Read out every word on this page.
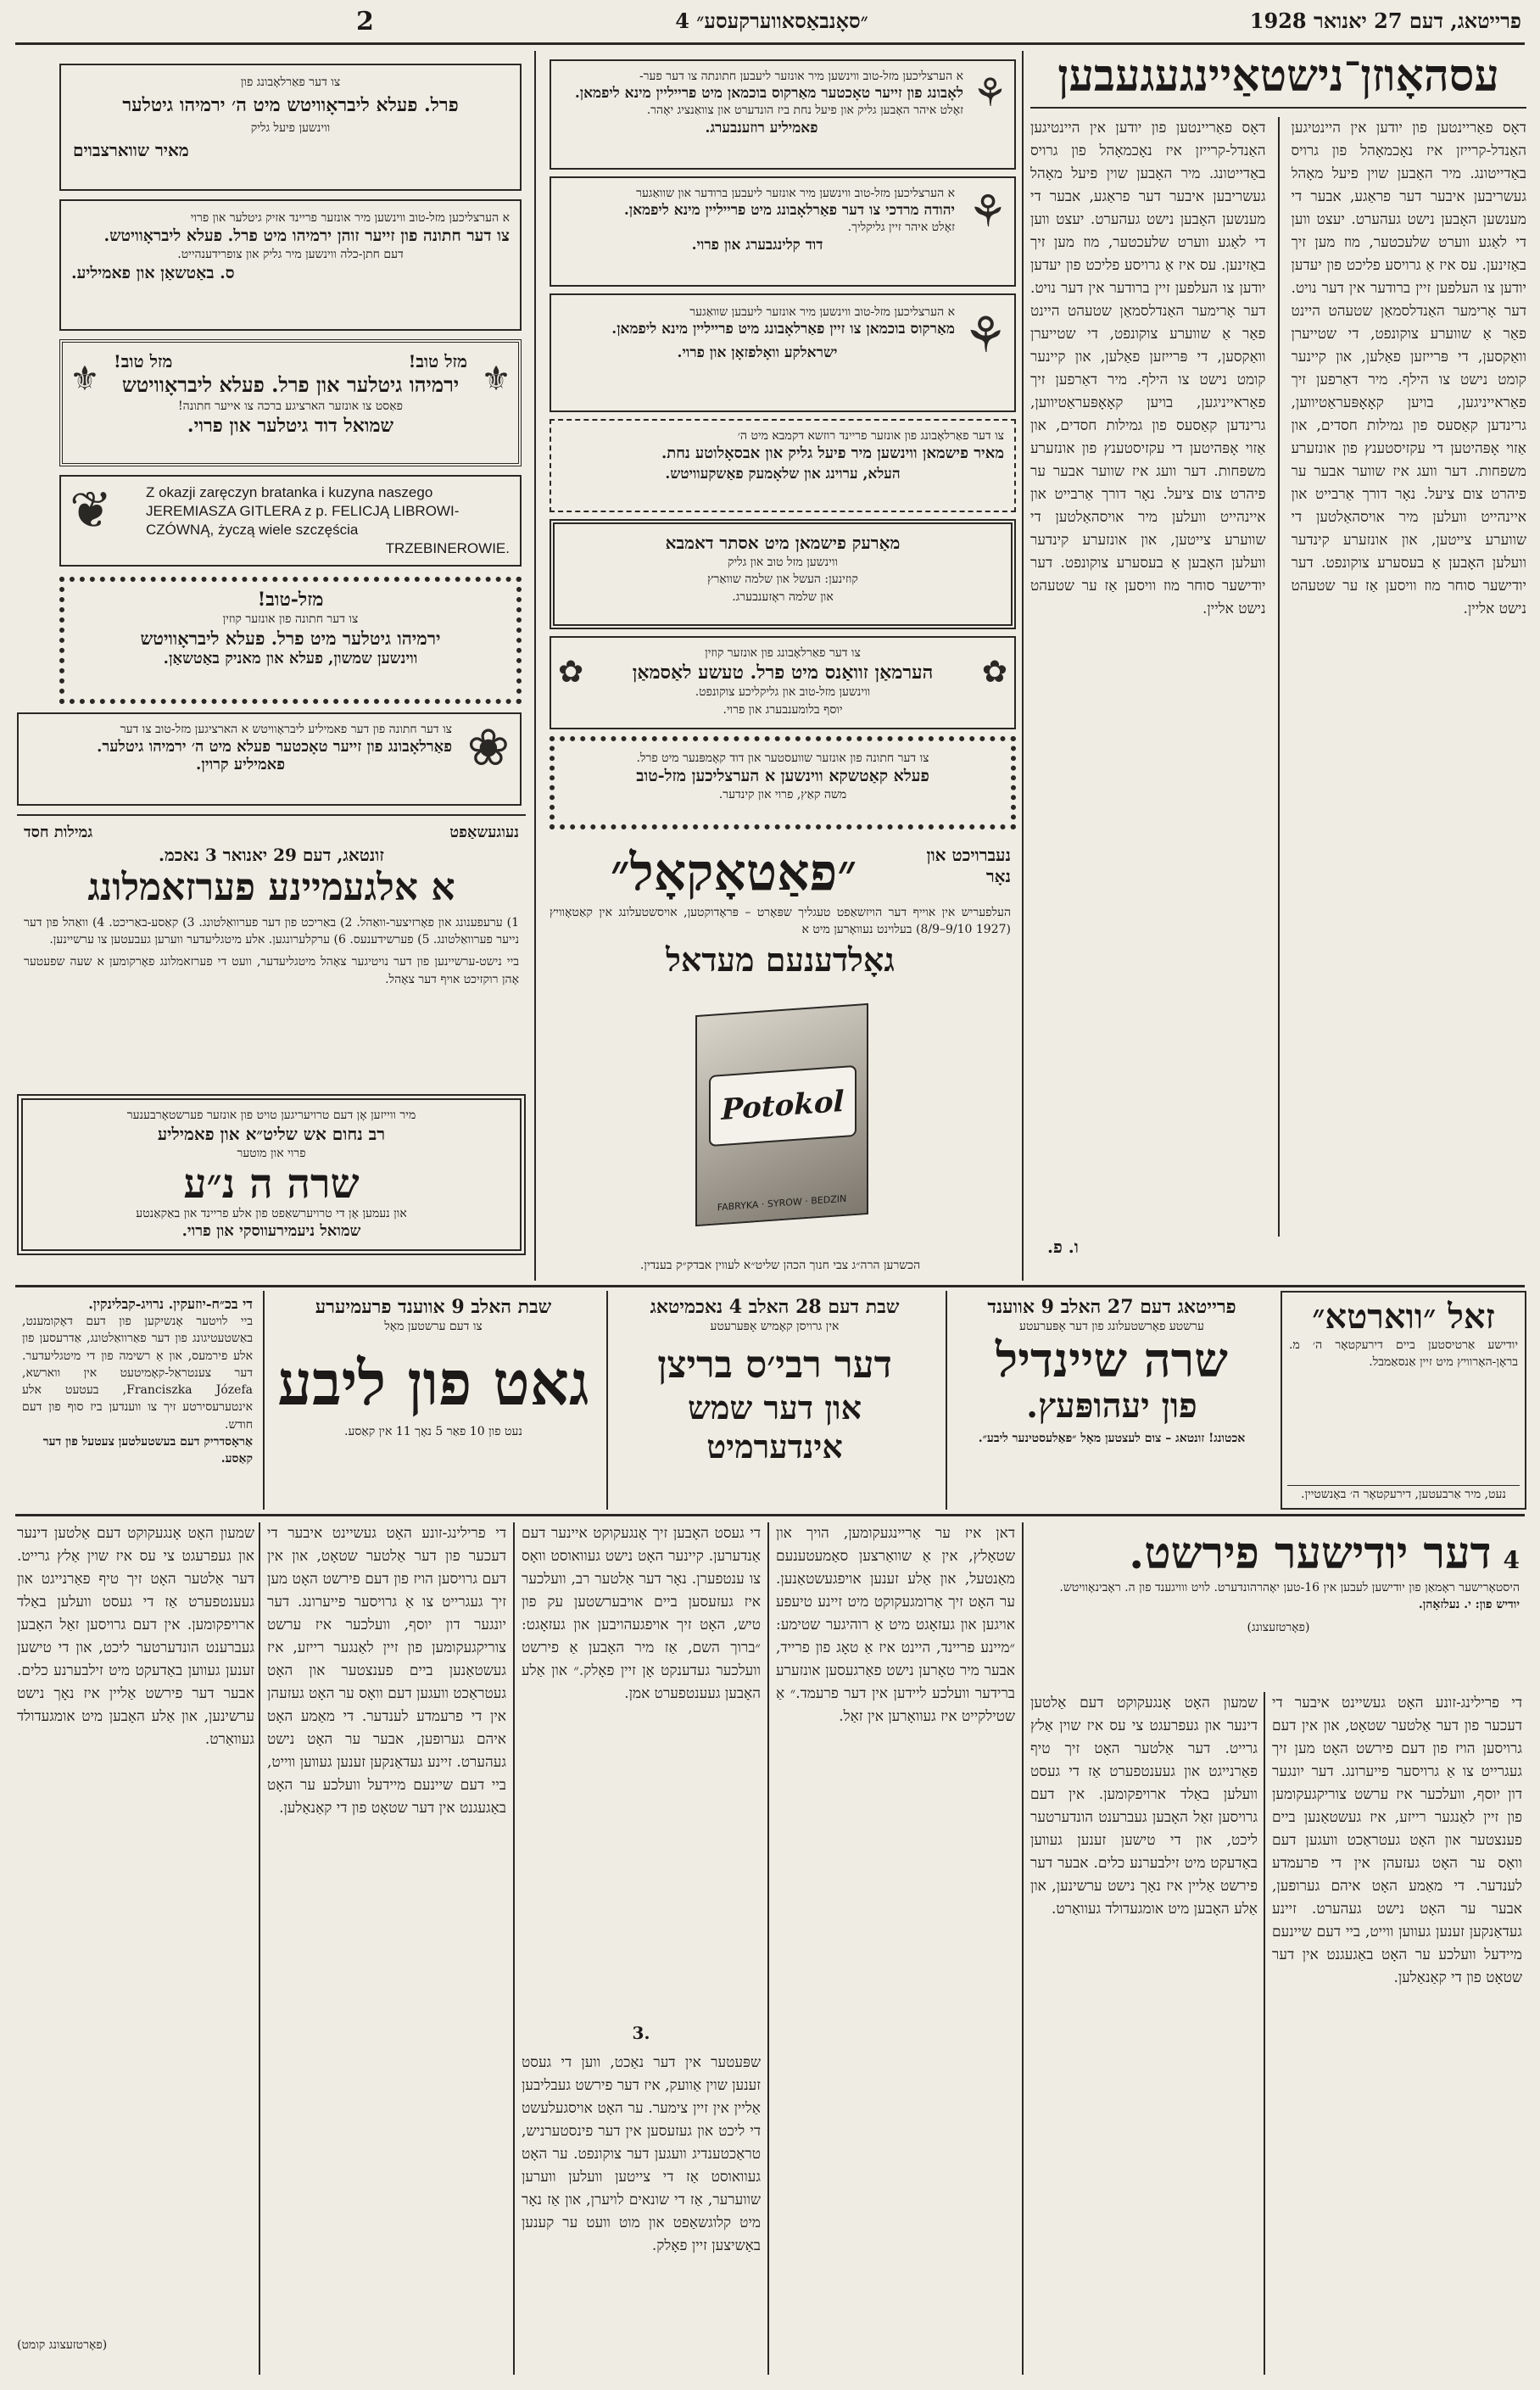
פרייטאג, דעם 27 יאנואר 1928
״סאָנבאַסאווערקעסע״ 4
2
צו דער פאַרלאָבונג פון
פרל. פעלא ליבראָוויטש מיט ה׳ ירמיהו גיטלער
ווינשען פיעל גליק
מאיר שווארצבוים
א הערצליכען מזל-טוב ווינשען מיר אונזער פריינד אזיק גיטלער און פרוי
צו דער חתונה פון זייער זוהן ירמיהו מיט פרל. פעלא ליבראָוויטש.
דעם חתן-כלה ווינשען מיר גליק און צופרידענהייט.
ס. באַטשאַן און פאמיליע.
⚜
⚜	מזל טוב!
מזל טוב!
ירמיהו גיטלער און פרל. פעלא ליבראָוויטש
פאַסט צו אונזער הארציגע ברכה צו אייער חתונה!
שמואל דוד גיטלער און פרוי.
❦ Z okazji zaręczyn bratanka i kuzyna naszego
JEREMIASZA GITLERA z p. FELICJĄ LIBROWI-
CZÓWNĄ, życzą wiele szczęścia
TRZEBINEROWIE.
מזל-טוב!
צו דער חתונה פון אונזער קוזין
ירמיהו גיטלער מיט פרל. פעלא ליבראָוויטש
ווינשען שמשון, פעלא און מאניק באַטשאַן.
❀
צו דער חתונה פון דער פאמיליע ליבראָוויטש א הארציגען מזל-טוב צו דער
פאַרלאָבונג פון זייער טאָכטער פעלא מיט ה׳ ירמיהו גיטלער.
פאמיליע קרוין.
נעוגעשאַפט
גמילות חסד
זונטאג, דעם 29 יאנואר 3 נאכמ.
א אלגעמיינע פערזאמלונג
1) ערעפענונג און פאָרזיצער-וואַהל. 2) באַריכט פון דער פערוואַלטונג. 3) קאַסע-באַריכט. 4) וואַהל פון דער נייער פערוואַלטונג. 5) פערשידענעס. 6) ערקלערונגען. אלע מיטגליעדער ווערען געבעטען צו ערשיינען.
ביי נישט-ערשיינען פון דער נויטיגער צאָהל מיטגליעדער, וועט די פערזאמלונג פאָרקומען א שעה שפעטער אָהן רוקזיכט אויף דער צאָהל.
מיר ווייזען אָן דעם טרויעריגען טויט פון אונזער פערשטאָרבענער
רב נחום אש שליט״א און פאמיליע
פרוי און מוטער
שרה ה נ״ע
און נעמען אָן די טרויערשאַפט פון אלע פריינד און באַקאַנטע
שמואל ניעמירעווסקי און פרוי.
⚘
א הערצליכען מזל-טוב ווינשען מיר אונזער ליעבען חתונתה צו דער פער-
לאָבונג פון זייער טאָכטער מאַרקוס בוכמאן מיט פרייליין מינא ליפמאן.
זאָלט איהר האָבען גליק און פיעל נחת ביז הונדערט און צוואַנציג יאָהר.
פאמיליע רוזענבערג.
⚘
א הערצליכען מזל-טוב ווינשען מיר אונזער ליעבען ברודער און שוואַגער
יהודה מרדכי צו דער פאַרלאָבונג מיט פרייליין מינא ליפמאן.
זאָלט איהר זיין גליקליך.
דוד קלינגבערג און פרוי.
⚘
א הערצליכען מזל-טוב ווינשען מיר אונזער ליעבען שוואַגער
מאַרקוס בוכמאן צו זיין פאַרלאָבונג מיט פרייליין מינא ליפמאן.
ישראלקע וואָלפזאָן און פרוי.
צו דער פאַרלאָבונג פון אונזער פריינד רוזשא דקמבא מיט ה׳
מאיר פישמאן ווינשען מיר פיעל גליק און אבסאָלוטע נחת.
העלא, ערוינג און שלאָמעק פאַשקעוויטש.
מאַרעק פישמאן מיט אסתר דאמבא
ווינשען מזל טוב און גליק
קוזינען: העשל און שלמה שוואַרץ
און שלמה ראָזענבערג.
✿
✿
צו דער פאַרלאָבונג פון אונזער קוזין
הערמאַן זוואַנס מיט פרל. טעשע לאַסמאַן
ווינשען מזל-טוב און גליקליכע צוקונפט.
יוסף בלומענבערג און פרוי.
צו דער חתונה פון אונזער שוועסטער און דוד קאָמפּנער מיט פרל.
פעלא קאַטשקא ווינשען א הערצליכען מזל-טוב
משה קאַץ, פרוי און קינדער.
נעברויכט און נאָר
״פאַטאָקאָל״
העלפעריש אין אוייף דער הויזשאַפט טעגליך שפּאָרט – פּראָדוקטען, אויסשטעלונג אין קאַטאָוויץ (1927 9/10–8/9) בעלוינט נעוואָרען מיט א
גאָלדענעם מעדאל
Potokol
FABRYKA · SYROW · BEDZIN
הכשרען הרה״ג צבי חנוך הכהן שליט״א לעווין אבדק״ק בענדין.
עסהאָוזן־נישטאַיינגעגעבען
דאָס פאַריינטען פון יודען אין היינטיגען האַנדל-קרייזן איז נאָכמאָהל פון גרויס באַדייטונג. מיר האָבען שוין פיעל מאָהל געשריבען איבער דער פראַגע, אבער די מענשען האָבען נישט געהערט. יעצט ווען די לאַגע ווערט שלעכטער, מוז מען זיך באַזינען. עס איז אַ גרויסע פליכט פון יעדען יודען צו העלפען זיין ברודער אין דער נויט. דער אָרימער האַנדלסמאַן שטעהט היינט פאַר אַ שווערע צוקונפט, די שטייערן וואַקסען, די פּרייזען פאַלען, און קיינער קומט נישט צו הילף. מיר דאַרפען זיך פאַראייניגען, בויען קאָאָפּעראַטיווען, גרינדען קאַסעס פון גמילות חסדים, און אַזוי אָפּהיטען די עקזיסטענץ פון אונזערע משפחות. דער וועג איז שווער אבער ער פיהרט צום ציעל. נאָר דורך אַרבייט און איינהייט וועלען מיר אויסהאַלטען די שווערע צייטען, און אונזערע קינדער וועלען האָבען אַ בעסערע צוקונפט. דער יודישער סוחר מוז וויסען אַז ער שטעהט נישט אליין.
דאָס פאַריינטען פון יודען אין היינטיגען האַנדל-קרייזן איז נאָכמאָהל פון גרויס באַדייטונג. מיר האָבען שוין פיעל מאָהל געשריבען איבער דער פראַגע, אבער די מענשען האָבען נישט געהערט. יעצט ווען די לאַגע ווערט שלעכטער, מוז מען זיך באַזינען. עס איז אַ גרויסע פליכט פון יעדען יודען צו העלפען זיין ברודער אין דער נויט. דער אָרימער האַנדלסמאַן שטעהט היינט פאַר אַ שווערע צוקונפט, די שטייערן וואַקסען, די פּרייזען פאַלען, און קיינער קומט נישט צו הילף. מיר דאַרפען זיך פאַראייניגען, בויען קאָאָפּעראַטיווען, גרינדען קאַסעס פון גמילות חסדים, און אַזוי אָפּהיטען די עקזיסטענץ פון אונזערע משפחות. דער וועג איז שווער אבער ער פיהרט צום ציעל. נאָר דורך אַרבייט און איינהייט וועלען מיר אויסהאַלטען די שווערע צייטען, און אונזערע קינדער וועלען האָבען אַ בעסערע צוקונפט. דער יודישער סוחר מוז וויסען אַז ער שטעהט נישט אליין.
ו. פ.
זאל ״ווארטא״
יודישע אַרטיסטען ביים דירעקטאָר ה׳ מ. בראָן-האָרוויץ מיט זיין אַנסאַמבל.
נעט, מיר אַרבעטען, דירעקטאָר ה׳ באָנשטיין.
פרייטאג דעם 27 האלב 9 אווענד
ערשטע פאָרשטעלונג פון דער אָפּערעטע
שרה שיינדיל
פון יעהופּעץ.
אכטונג! זונטאג – צום לעצטען מאָל ״פאַלעסטינער ליבע״.
שבת דעם 28 האלב 4 נאכמיטאג
אין גרויסן קאָמיש אָפּערעטע
דער רבי׳ס בריצן
און דער שמש אינדערמיט
שבת האלב 9 אווענד פרעמיערע
צו דעם ערשטען מאָל
גאט פון ליבע
נעט פון 10 פאַר 5 נאָך 11 אין קאַסע.
די בכ״ח-יוזעקין. נרויג-קבלינקין.
ביי לויטער אָנשיקען פון דעם דאָקומענט, באַשטעטיגונג פון דער פאַרוואַלטונג, אַדרעסען פון אלע פירמעס, און אַ רשימה פון די מיטגליעדער. דער צענטראַל-קאָמיטעט אין ווארשא, Franciszka Józefa, בעטעט אלע אינטערעסירטע זיך צו ווענדען ביז סוף פון דעם חודש.
אַראָסדריק דעם בעשטעלטען צעטעל פון דער קאַסע.
4
דער יודישער פירשט.
היסטאָרישער ראָמאַן פון יודישען לעבען אין 16-טען יאָהרהונדערט. לויט ווויגענד פון ה. ראָבינאָוויטש.
יודיש פון: י. נעלזאָהן.
(פאָרטזעצונג)
די פרילינג-זונע האָט געשיינט איבער די דעכער פון דער אַלטער שטאָט, און אין דעם גרויסען הויז פון דעם פירשט האָט מען זיך געגרייט צו אַ גרויסער פייערונג. דער יונגער דון יוסף, וועלכער איז ערשט צוריקגעקומען פון זיין לאַנגער רייזע, איז געשטאַנען ביים פענצטער און האָט געטראַכט וועגען דעם וואָס ער האָט געזעהן אין די פרעמדע לענדער. די מאַמע האָט איהם גערופען, אבער ער האָט נישט געהערט. זיינע געדאַנקען זענען געווען ווייט, ביי דעם שיינעם מיידעל וועלכע ער האָט באַגעגנט אין דער שטאָט פון די קאַנאַלען.
שמעון האָט אָנגעקוקט דעם אַלטען דינער און געפרעגט צי עס איז שוין אַלץ גרייט. דער אַלטער האָט זיך טיף פאַרנייגט און געענטפערט אַז די געסט וועלען באַלד ארויפקומען. אין דעם גרויסען זאַל האָבען געברענט הונדערטער ליכט, און די טישען זענען געווען באַדעקט מיט זילבערנע כלים. אבער דער פירשט אַליין איז נאָך נישט ערשינען, און אַלע האָבען מיט אומגעדולד געוואַרט.
דאן איז ער אַריינגעקומען, הויך און שטאָלץ, אין אַ שוואַרצען סאַמעטענעם מאַנטעל, און אַלע זענען אויפגעשטאַנען. ער האָט זיך אַרומגעקוקט מיט זיינע טיעפע אויגען און געזאָגט מיט אַ רוהיגער שטימע: ״מיינע פריינד, היינט איז אַ טאָג פון פרייד, אבער מיר טאָרען נישט פאַרגעסען אונזערע ברידער וועלכע ליידען אין דער פרעמד.״ אַ שטילקייט איז געוואָרען אין זאַל.
די געסט האָבען זיך אָנגעקוקט איינער דעם אַנדערען. קיינער האָט נישט געוואוסט וואָס צו ענטפערן. נאָר דער אַלטער רב, וועלכער איז געזעסען ביים אויבערשטען עק פון טיש, האָט זיך אויפגעהויבען און געזאָגט: ״ברוך השם, אַז מיר האָבען אַ פירשט וועלכער געדענקט אָן זיין פאָלק.״ און אַלע האָבען געענטפערט אמן.
3.
שפּעטער אין דער נאַכט, ווען די געסט זענען שוין אַוועק, איז דער פירשט געבליבען אַליין אין זיין צימער. ער האָט אויסגעלעשט די ליכט און געזעסען אין דער פינסטערניש, טראַכטענדיג וועגען דער צוקונפט. ער האָט געוואוסט אַז די צייטען וועלען ווערען שווערער, אַז די שונאים לויערן, און אַז נאָר מיט קלוגשאַפט און מוט וועט ער קענען באַשיצען זיין פאָלק.
די פרילינג-זונע האָט געשיינט איבער די דעכער פון דער אַלטער שטאָט, און אין דעם גרויסען הויז פון דעם פירשט האָט מען זיך געגרייט צו אַ גרויסער פייערונג. דער יונגער דון יוסף, וועלכער איז ערשט צוריקגעקומען פון זיין לאַנגער רייזע, איז געשטאַנען ביים פענצטער און האָט געטראַכט וועגען דעם וואָס ער האָט געזעהן אין די פרעמדע לענדער. די מאַמע האָט איהם גערופען, אבער ער האָט נישט געהערט. זיינע געדאַנקען זענען געווען ווייט, ביי דעם שיינעם מיידעל וועלכע ער האָט באַגעגנט אין דער שטאָט פון די קאַנאַלען.
שמעון האָט אָנגעקוקט דעם אַלטען דינער און געפרעגט צי עס איז שוין אַלץ גרייט. דער אַלטער האָט זיך טיף פאַרנייגט און געענטפערט אַז די געסט וועלען באַלד ארויפקומען. אין דעם גרויסען זאַל האָבען געברענט הונדערטער ליכט, און די טישען זענען געווען באַדעקט מיט זילבערנע כלים. אבער דער פירשט אַליין איז נאָך נישט ערשינען, און אַלע האָבען מיט אומגעדולד געוואַרט.
(פאָרטזעצונג קומט)
